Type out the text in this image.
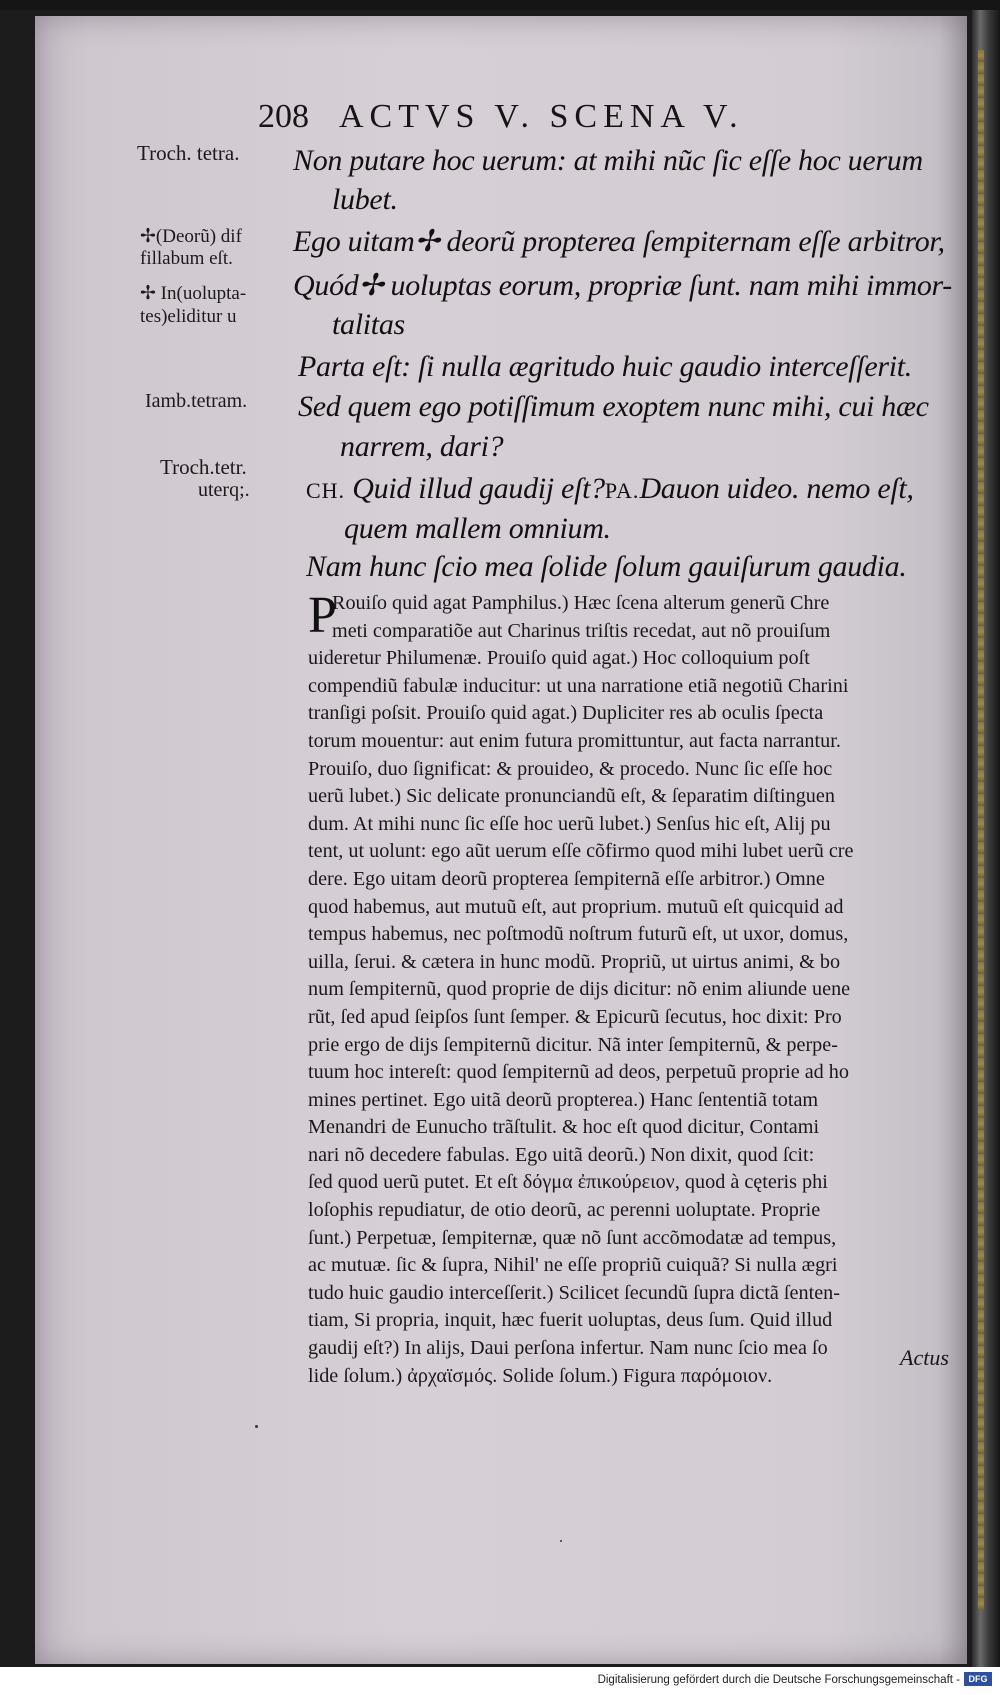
208 ACTVS V. SCENA V.
Troch. tetra.
✢(Deorũ) dif
fillabum eſt.
✢ In(uolupta-
tes)eliditur u
Iamb.tetram.
Troch.tetr.
uterq;.
Non putare hoc uerum: at mihi nũc ſic eſſe hoc uerum
lubet.
Ego uitam✢ deorũ propterea ſempiternam eſſe arbitror,
Quód✢ uoluptas eorum, propriæ ſunt. nam mihi immor-
talitas
Parta eſt: ſi nulla ægritudo huic gaudio interceſſerit.
Sed quem ego potiſſimum exoptem nunc mihi, cui hæc
narrem, dari?
CH. Quid illud gaudij eſt?PA.Dauon uideo. nemo eſt,
quem mallem omnium.
Nam hunc ſcio mea ſolide ſolum gauiſurum gaudia.
P
Rouiſo quid agat Pamphilus.) Hæc ſcena alterum generũ Chre
meti comparatiõe aut Charinus triſtis recedat, aut nõ prouiſum
uideretur Philumenæ. Prouiſo quid agat.) Hoc colloquium poſt
compendiũ fabulæ inducitur: ut una narratione etiã negotiũ Charini
tranſigi poſsit. Prouiſo quid agat.) Dupliciter res ab oculis ſpecta
torum mouentur: aut enim futura promittuntur, aut facta narrantur.
Prouiſo, duo ſignificat: & prouideo, & procedo. Nunc ſic eſſe hoc
uerũ lubet.) Sic delicate pronunciandũ eſt, & ſeparatim diſtinguen
dum. At mihi nunc ſic eſſe hoc uerũ lubet.) Senſus hic eſt, Alij pu
tent, ut uolunt: ego aũt uerum eſſe cõfirmo quod mihi lubet uerũ cre
dere. Ego uitam deorũ propterea ſempiternã eſſe arbitror.) Omne
quod habemus, aut mutuũ eſt, aut proprium. mutuũ eſt quicquid ad
tempus habemus, nec poſtmodũ noſtrum futurũ eſt, ut uxor, domus,
uilla, ſerui. & cætera in hunc modũ. Propriũ, ut uirtus animi, & bo
num ſempiternũ, quod proprie de dijs dicitur: nõ enim aliunde uene
rũt, ſed apud ſeipſos ſunt ſemper. & Epicurũ ſecutus, hoc dixit: Pro
prie ergo de dijs ſempiternũ dicitur. Nã inter ſempiternũ, & perpe-
tuum hoc intereſt: quod ſempiternũ ad deos, perpetuũ proprie ad ho
mines pertinet. Ego uitã deorũ propterea.) Hanc ſententiã totam
Menandri de Eunucho trãſtulit. & hoc eſt quod dicitur, Contami
nari nõ decedere fabulas. Ego uitã deorũ.) Non dixit, quod ſcit:
ſed quod uerũ putet. Et eſt δόγμα ἐπικούρειον, quod à cęteris phi
loſophis repudiatur, de otio deorũ, ac perenni uoluptate. Proprie
ſunt.) Perpetuæ, ſempiternæ, quæ nõ ſunt accõmodatæ ad tempus,
ac mutuæ. ſic & ſupra, Nihil' ne eſſe propriũ cuiquã? Si nulla ægri
tudo huic gaudio interceſſerit.) Scilicet ſecundũ ſupra dictã ſenten-
tiam, Si propria, inquit, hæc fuerit uoluptas, deus ſum. Quid illud
gaudij eſt?) In alijs, Daui perſona infertur. Nam nunc ſcio mea ſo
lide ſolum.) ἀρχαϊσμός. Solide ſolum.) Figura παρόμοιον.
Actus
Digitalisierung gefördert durch die Deutsche Forschungsgemeinschaft - DFG
